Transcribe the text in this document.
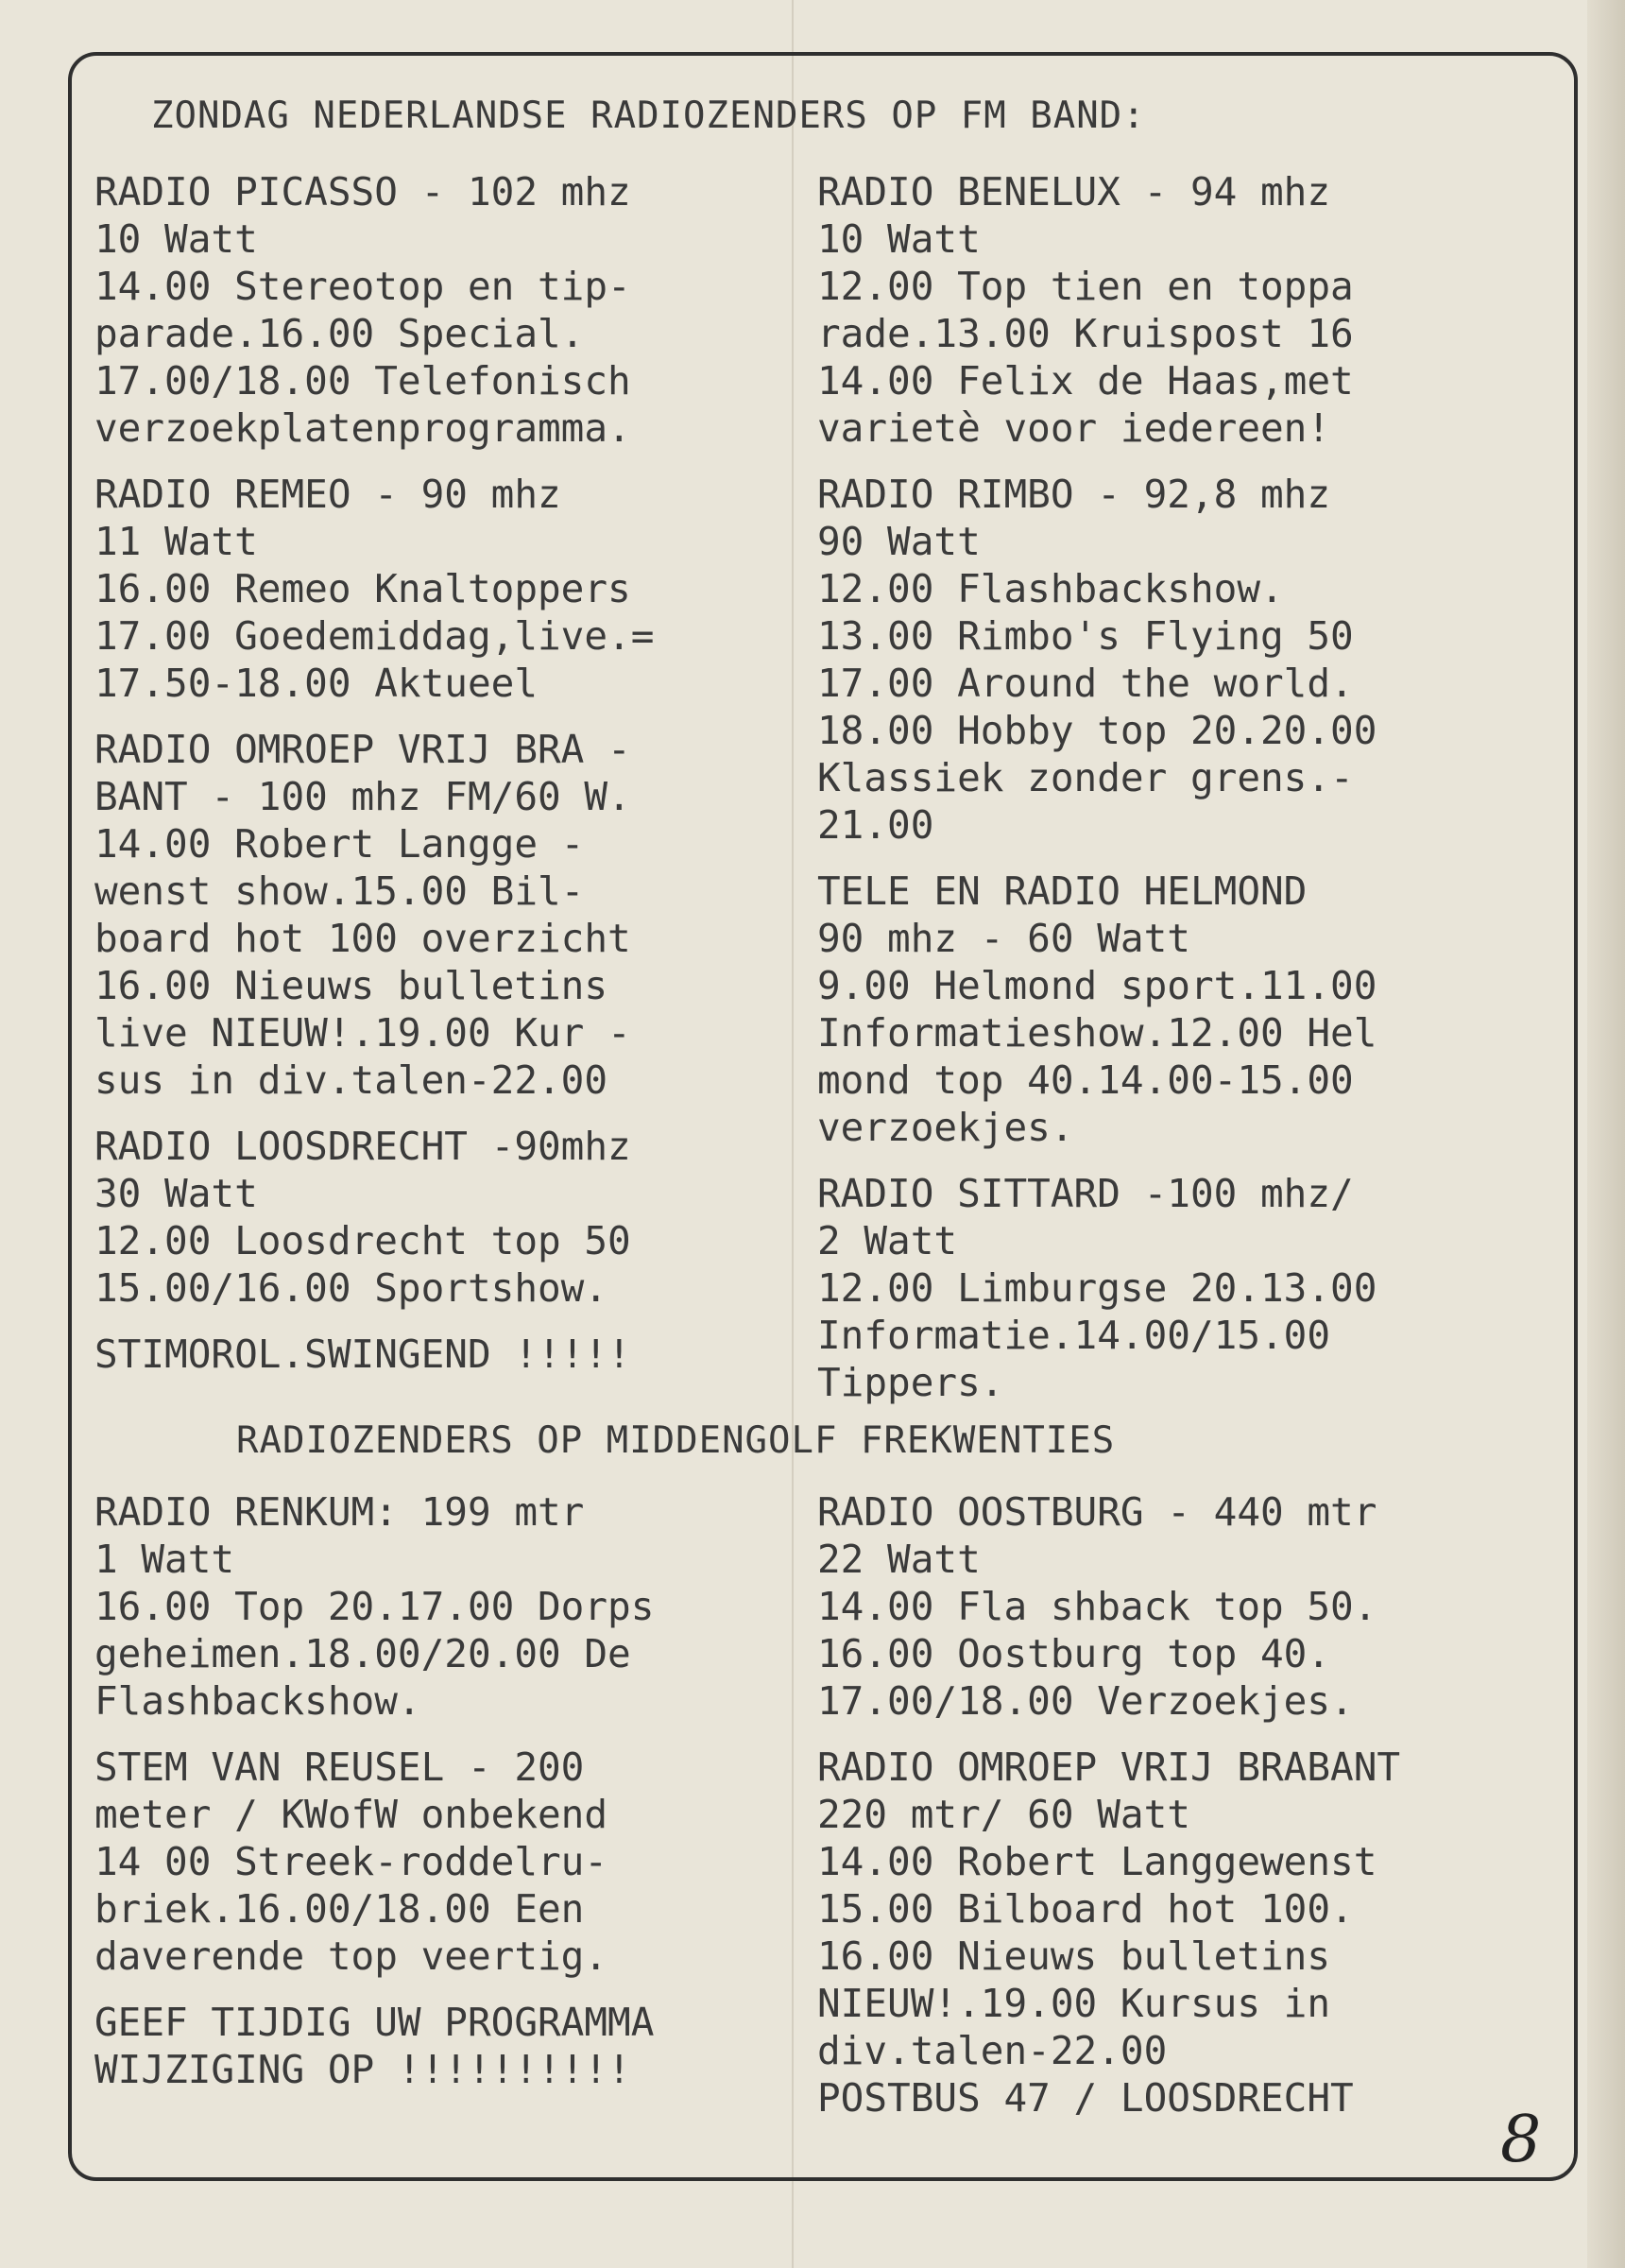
ZONDAG NEDERLANDSE RADIOZENDERS OP FM BAND:
RADIO PICASSO - 102 mhz
10 Watt
14.00 Stereotop en tip-
parade.16.00 Special.
17.00/18.00 Telefonisch
verzoekplatenprogramma.
RADIO REMEO - 90 mhz
11 Watt
16.00 Remeo Knaltoppers
17.00 Goedemiddag,live.=
17.50-18.00 Aktueel
RADIO OMROEP VRIJ BRA -
BANT - 100 mhz FM/60 W.
14.00 Robert Langge -
wenst show.15.00 Bil-
board hot 100 overzicht
16.00 Nieuws bulletins
live NIEUW!.19.00 Kur -
sus in div.talen-22.00
RADIO LOOSDRECHT -90mhz
30 Watt
12.00 Loosdrecht top 50
15.00/16.00 Sportshow.
STIMOROL.SWINGEND !!!!!
RADIO BENELUX - 94 mhz
10 Watt
12.00 Top tien en toppa
rade.13.00 Kruispost 16
14.00 Felix de Haas,met
varietè voor iedereen!
RADIO RIMBO - 92,8 mhz
90 Watt
12.00 Flashbackshow.
13.00 Rimbo's Flying 50
17.00 Around the world.
18.00 Hobby top 20.20.00
Klassiek zonder grens.-
21.00
TELE EN RADIO HELMOND
90 mhz - 60 Watt
9.00 Helmond sport.11.00
Informatieshow.12.00 Hel
mond top 40.14.00-15.00
verzoekjes.
RADIO SITTARD -100 mhz/
2 Watt
12.00 Limburgse 20.13.00
Informatie.14.00/15.00
Tippers.
RADIOZENDERS OP MIDDENGOLF FREKWENTIES
RADIO RENKUM: 199 mtr
1 Watt
16.00 Top 20.17.00 Dorps
geheimen.18.00/20.00 De
Flashbackshow.
STEM VAN REUSEL - 200
meter / KWofW onbekend
14 00 Streek-roddelru-
briek.16.00/18.00 Een
daverende top veertig.
GEEF TIJDIG UW PROGRAMMA
WIJZIGING OP !!!!!!!!!!
RADIO OOSTBURG - 440 mtr
22 Watt
14.00 Fla shback top 50.
16.00 Oostburg top 40.
17.00/18.00 Verzoekjes.
RADIO OMROEP VRIJ BRABANT
220 mtr/ 60 Watt
14.00 Robert Langgewenst
15.00 Bilboard hot 100.
16.00 Nieuws bulletins
NIEUW!.19.00 Kursus in
div.talen-22.00
POSTBUS 47 / LOOSDRECHT
8
